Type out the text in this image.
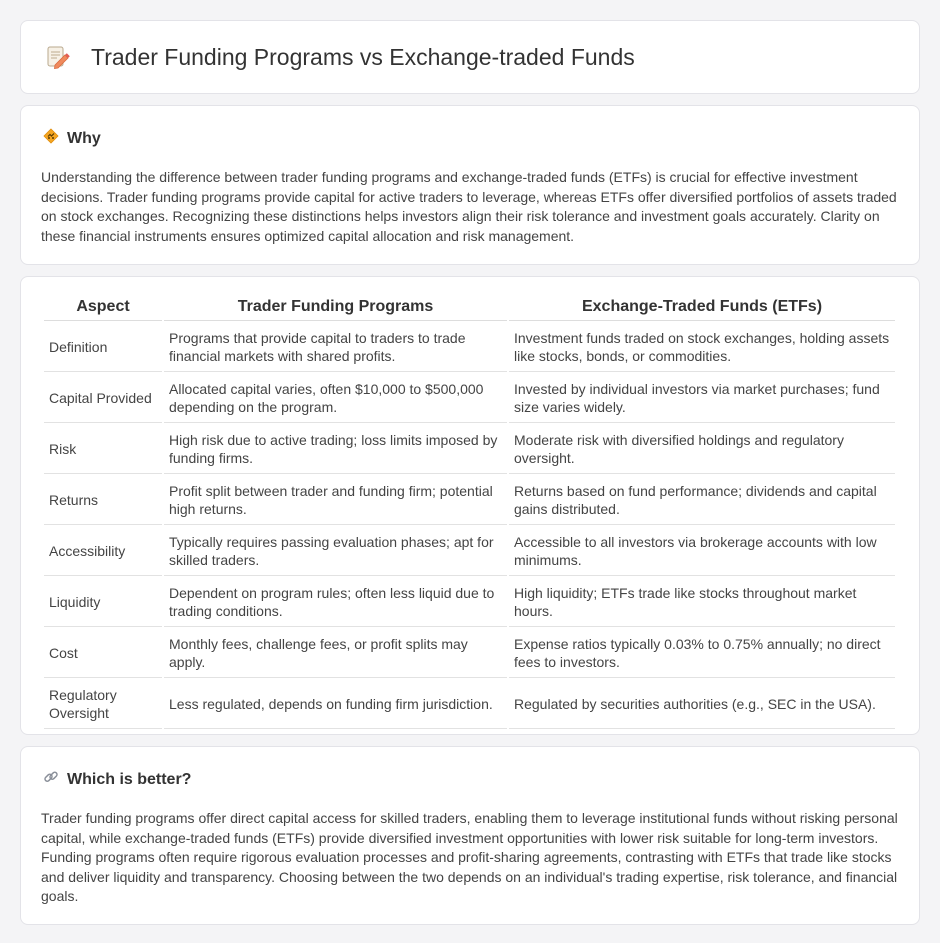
Trader Funding Programs vs Exchange-traded Funds
Why

Understanding the difference between trader funding programs and exchange-traded funds (ETFs) is crucial for effective investment decisions. Trader funding programs provide capital for active traders to leverage, whereas ETFs offer diversified portfolios of assets traded on stock exchanges. Recognizing these distinctions helps investors align their risk tolerance and investment goals accurately. Clarity on these financial instruments ensures optimized capital allocation and risk management.

Aspect	Trader Funding Programs	Exchange-Traded Funds (ETFs)
Definition	Programs that provide capital to traders to trade financial markets with shared profits.	Investment funds traded on stock exchanges, holding assets like stocks, bonds, or commodities.
Capital Provided	Allocated capital varies, often $10,000 to $500,000 depending on the program.	Invested by individual investors via market purchases; fund size varies widely.
Risk	High risk due to active trading; loss limits imposed by funding firms.	Moderate risk with diversified holdings and regulatory oversight.
Returns	Profit split between trader and funding firm; potential high returns.	Returns based on fund performance; dividends and capital gains distributed.
Accessibility	Typically requires passing evaluation phases; apt for skilled traders.	Accessible to all investors via brokerage accounts with low minimums.
Liquidity	Dependent on program rules; often less liquid due to trading conditions.	High liquidity; ETFs trade like stocks throughout market hours.
Cost	Monthly fees, challenge fees, or profit splits may apply.	Expense ratios typically 0.03% to 0.75% annually; no direct fees to investors.
Regulatory Oversight	Less regulated, depends on funding firm jurisdiction.	Regulated by securities authorities (e.g., SEC in the USA).
Which is better?

Trader funding programs offer direct capital access for skilled traders, enabling them to leverage institutional funds without risking personal capital, while exchange-traded funds (ETFs) provide diversified investment opportunities with lower risk suitable for long-term investors. Funding programs often require rigorous evaluation processes and profit-sharing agreements, contrasting with ETFs that trade like stocks and deliver liquidity and transparency. Choosing between the two depends on an individual's trading expertise, risk tolerance, and financial goals.
